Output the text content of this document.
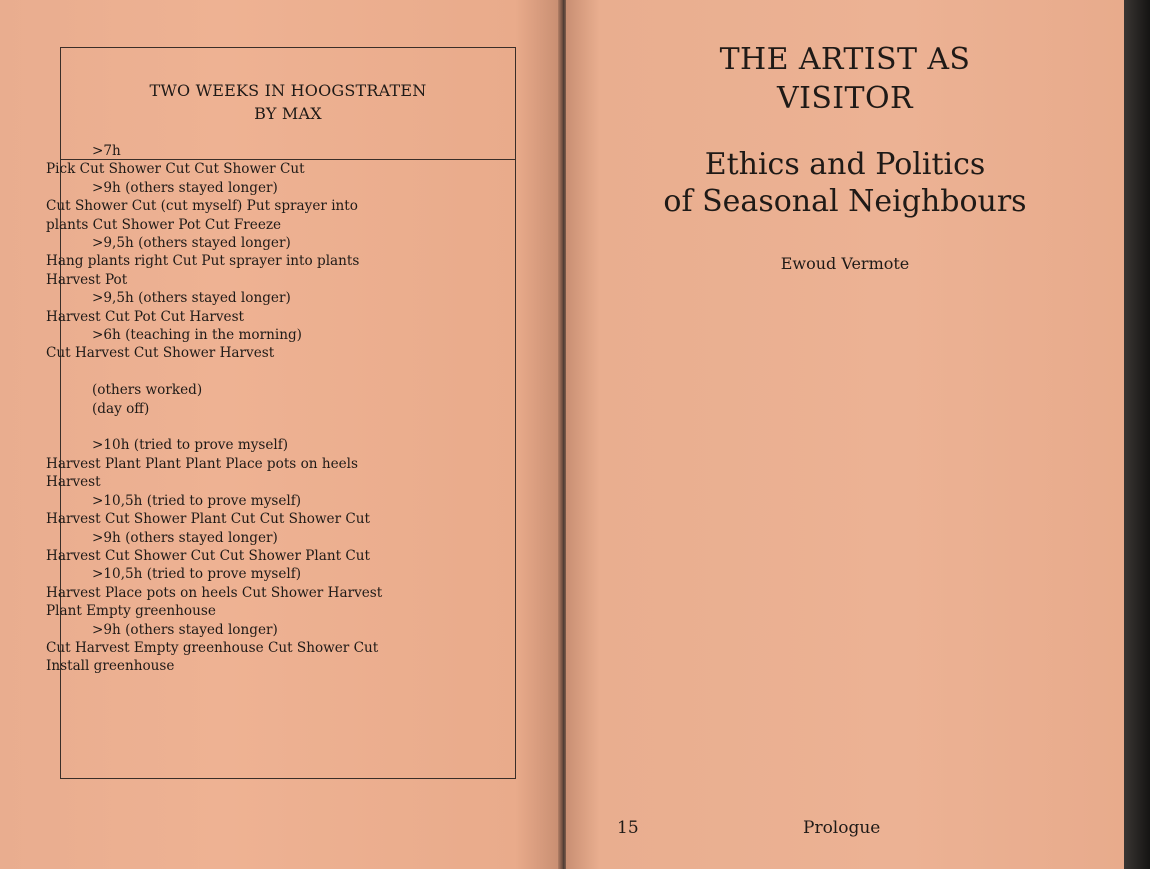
TWO WEEKS IN HOOGSTRATEN
BY MAX
>7h
Pick Cut Shower Cut Cut Shower Cut
>9h (others stayed longer)
Cut Shower Cut (cut myself) Put sprayer into
plants Cut Shower Pot Cut Freeze
>9,5h (others stayed longer)
Hang plants right Cut Put sprayer into plants
Harvest Pot
>9,5h (others stayed longer)
Harvest Cut Pot Cut Harvest
>6h (teaching in the morning)
Cut Harvest Cut Shower Harvest
(others worked)
(day off)
>10h (tried to prove myself)
Harvest Plant Plant Plant Place pots on heels
Harvest
>10,5h (tried to prove myself)
Harvest Cut Shower Plant Cut Cut Shower Cut
>9h (others stayed longer)
Harvest Cut Shower Cut Cut Shower Plant Cut
>10,5h (tried to prove myself)
Harvest Place pots on heels Cut Shower Harvest
Plant Empty greenhouse
>9h (others stayed longer)
Cut Harvest Empty greenhouse Cut Shower Cut
Install greenhouse
THE ARTIST AS
VISITOR
Ethics and Politics
of Seasonal Neighbours
Ewoud Vermote
15	Prologue
